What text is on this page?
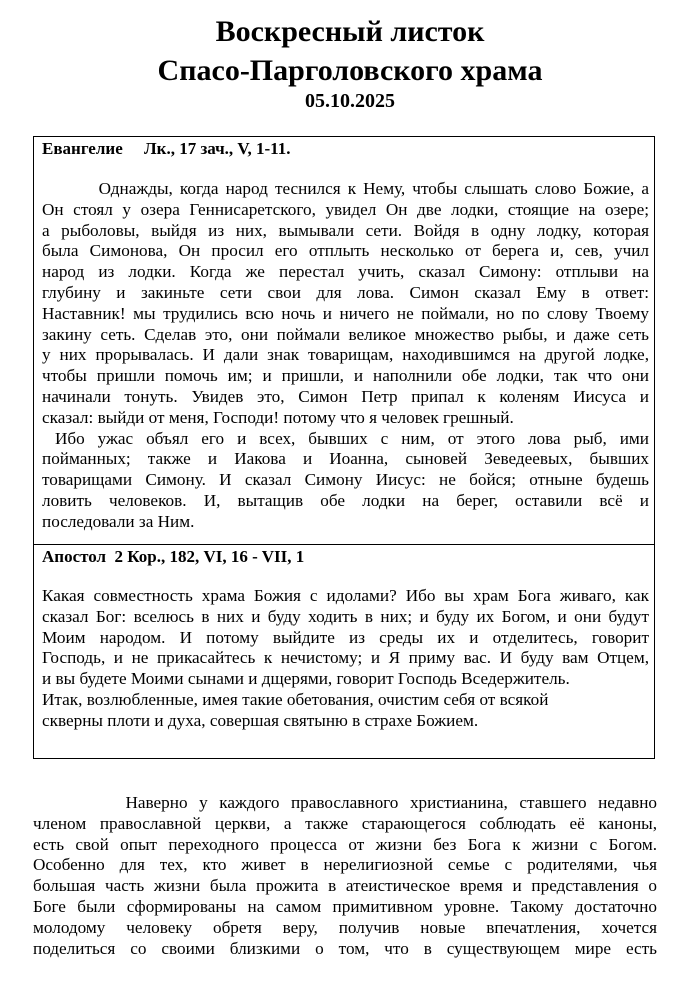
Воскресный листок
Спасо-Парголовского храма
05.10.2025
Евангелие     Лк., 17 зач., V, 1-11.
Однажды, когда народ теснился к Нему, чтобы слышать слово Божие, а
Он стоял у озера Геннисаретского, увидел Он две лодки, стоящие на озере;
а рыболовы, выйдя из них, вымывали сети. Войдя в одну лодку, которая
была Симонова, Он просил его отплыть несколько от берега и, сев, учил
народ из лодки. Когда же перестал учить, сказал Симону: отплыви на
глубину и закиньте сети свои для лова. Симон сказал Ему в ответ:
Наставник! мы трудились всю ночь и ничего не поймали, но по слову Твоему
закину сеть. Сделав это, они поймали великое множество рыбы, и даже сеть
у них прорывалась. И дали знак товарищам, находившимся на другой лодке,
чтобы пришли помочь им; и пришли, и наполнили обе лодки, так что они
начинали тонуть. Увидев это, Симон Петр припал к коленям Иисуса и
сказал: выйди от меня, Господи! потому что я человек грешный.
Ибо ужас объял его и всех, бывших с ним, от этого лова рыб, ими
пойманных; также и Иакова и Иоанна, сыновей Зеведеевых, бывших
товарищами Симону. И сказал Симону Иисус: не бойся; отныне будешь
ловить человеков. И, вытащив обе лодки на берег, оставили всё и
последовали за Ним.
Апостол  2 Кор., 182, VI, 16 - VII, 1
Какая совместность храма Божия с идолами? Ибо вы храм Бога живаго, как
сказал Бог: вселюсь в них и буду ходить в них; и буду их Богом, и они будут
Моим народом. И потому выйдите из среды их и отделитесь, говорит
Господь, и не прикасайтесь к нечистому; и Я приму вас. И буду вам Отцем,
и вы будете Моими сынами и дщерями, говорит Господь Вседержитель.
Итак, возлюбленные, имея такие обетования, очистим себя от всякой
скверны плоти и духа, совершая святыню в страхе Божием.
Наверно у каждого православного христианина, ставшего недавно
членом православной церкви, а также старающегося соблюдать её каноны,
есть свой опыт переходного процесса от жизни без Бога к жизни с Богом.
Особенно для тех, кто живет в нерелигиозной семье с родителями, чья
большая часть жизни была прожита в атеистическое время и представления о
Боге были сформированы на самом примитивном уровне. Такому достаточно
молодому человеку обретя веру, получив новые впечатления, хочется
поделиться со своими близкими о том, что в существующем мире есть
